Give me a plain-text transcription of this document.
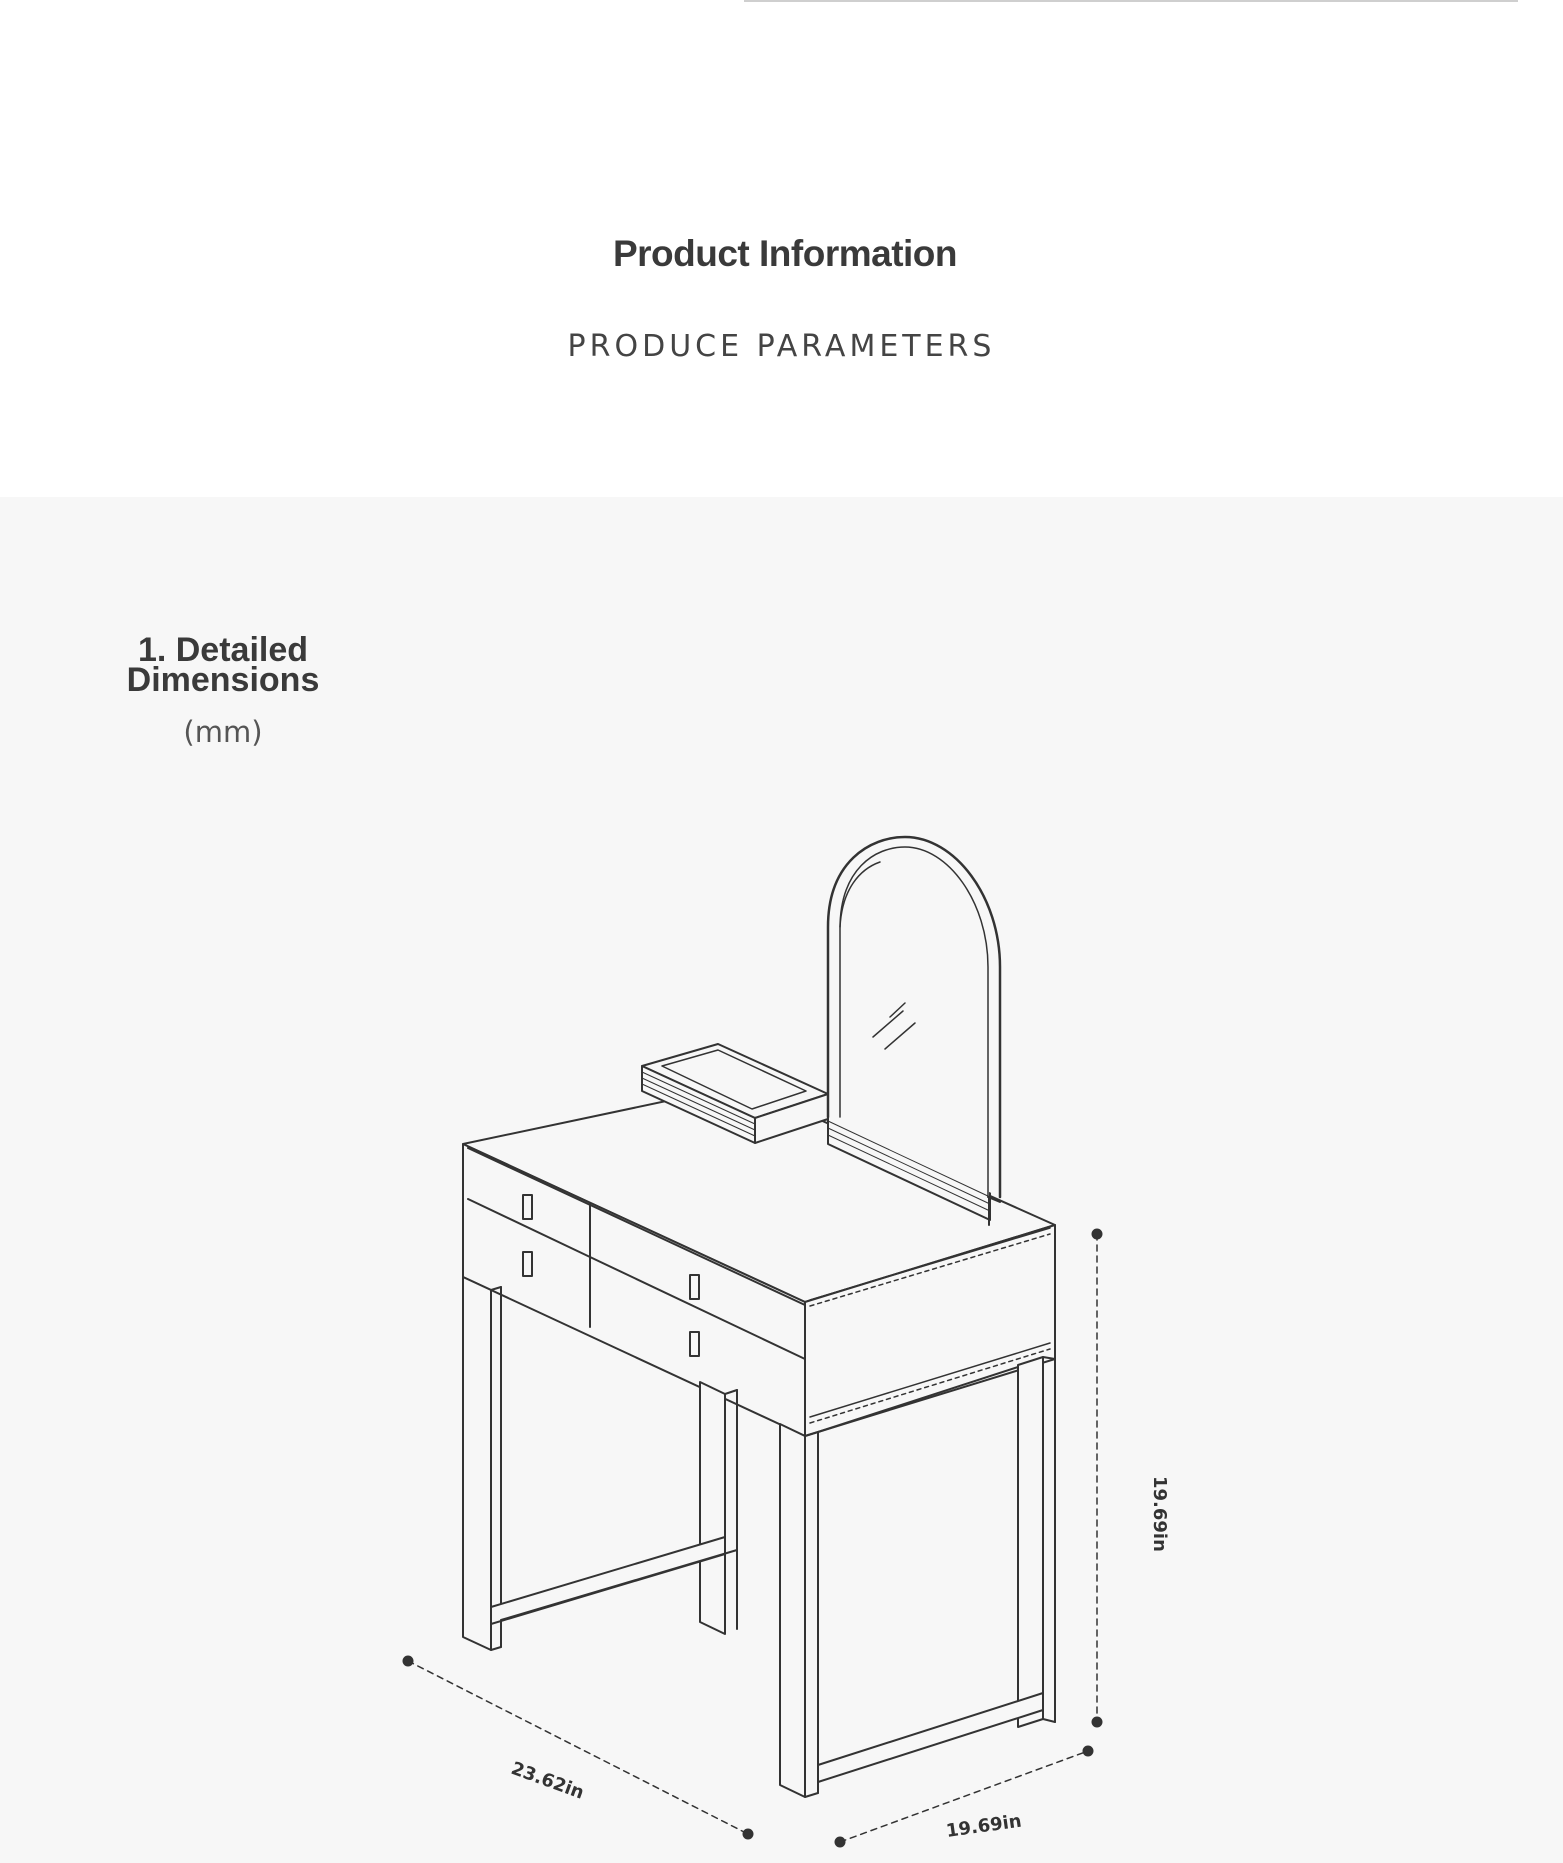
Product Information
PRODUCE PARAMETERS
1. Detailed
Dimensions
(mm)
19.69in
23.62in
19.69in
